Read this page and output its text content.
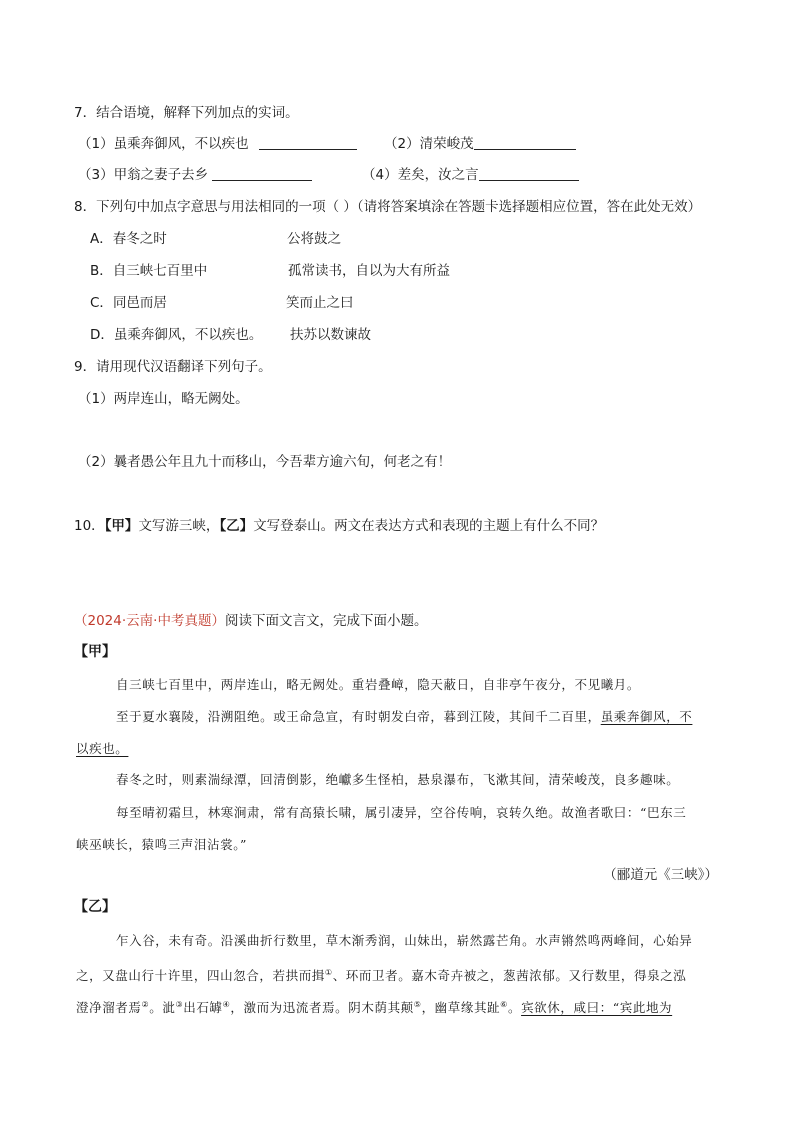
7．结合语境，解释下列加点的实词。
（1）虽乘奔御风，不以疾也	（2）清荣峻茂
（3）甲翁之妻子去乡	（4）差矣，汝之言
8．下列句中加点字意思与用法相同的一项（ ）（请将答案填涂在答题卡选择题相应位置，答在此处无效）
A．春冬之时	公将鼓之
B．自三峡七百里中	孤常读书，自以为大有所益
C．同邑而居	笑而止之曰
D．虽乘奔御风，不以疾也。 扶苏以数谏故
9．请用现代汉语翻译下列句子。
（1）两岸连山，略无阙处。
（2）曩者愚公年且九十而移山，今吾辈方逾六旬，何老之有！
10．【甲】文写游三峡，【乙】文写登泰山。两文在表达方式和表现的主题上有什么不同？
（2024·云南·中考真题）阅读下面文言文，完成下面小题。
【甲】
自三峡七百里中，两岸连山，略无阙处。重岩叠嶂，隐天蔽日，自非亭午夜分，不见曦月。
至于夏水襄陵，沿溯阻绝。或王命急宣，有时朝发白帝，暮到江陵，其间千二百里，虽乘奔御风，不
以疾也。
春冬之时，则素湍绿潭，回清倒影，绝巘多生怪柏，悬泉瀑布，飞漱其间，清荣峻茂，良多趣味。
每至晴初霜旦，林寒涧肃，常有高猿长啸，属引凄异，空谷传响，哀转久绝。故渔者歌曰：“巴东三
峡巫峡长，猿鸣三声泪沾裳。”
（郦道元《三峡》）
【乙】
乍入谷，未有奇。沿溪曲折行数里，草木渐秀润，山妹出，崭然露芒角。水声锵然鸣两峰间，心始异
之，又盘山行十许里，四山忽合，若拱而揖①、环而卫者。嘉木奇卉被之，葱茜浓郁。又行数里，得泉之泓
澄净溜者焉②。泚③出石罅④，激而为迅流者焉。阴木荫其颠⑤，幽草缘其趾⑥。宾欲休，咸曰：“宾此地为
